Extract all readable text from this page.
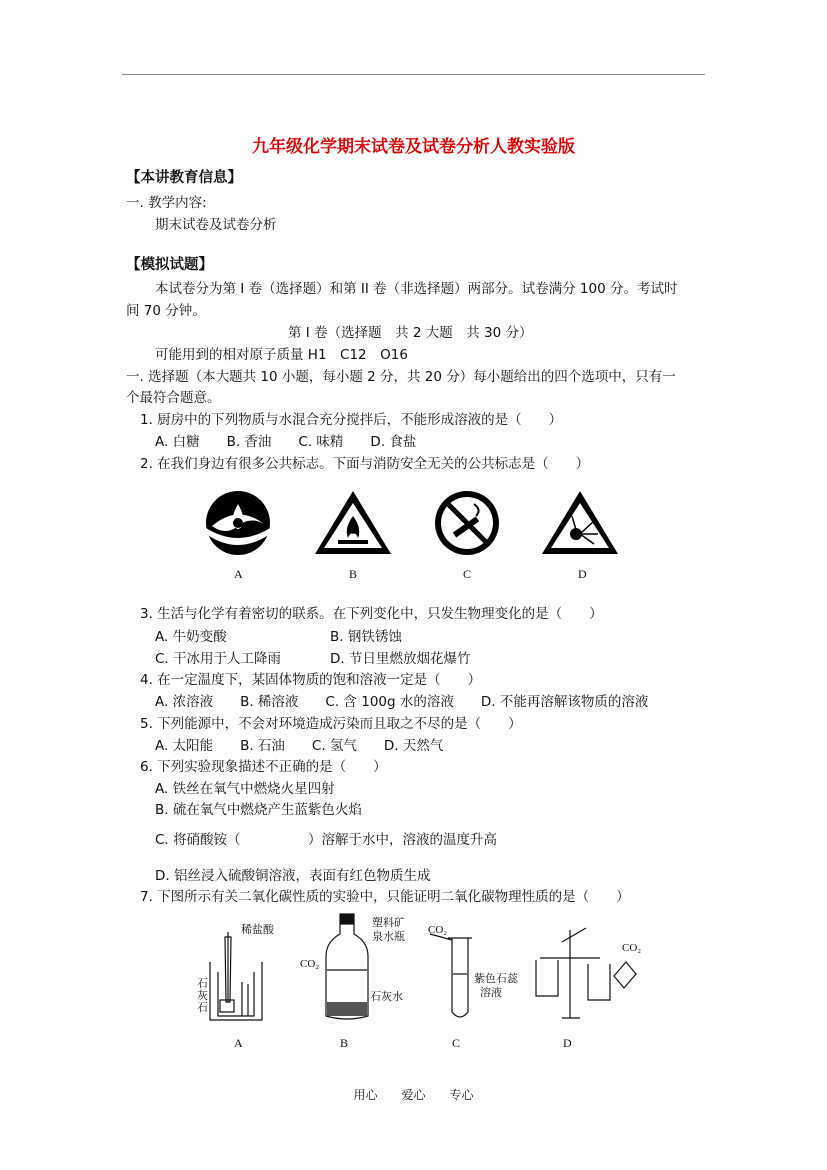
九年级化学期末试卷及试卷分析人教实验版
【本讲教育信息】
一. 教学内容:
期末试卷及试卷分析
【模拟试题】
本试卷分为第 I 卷（选择题）和第 II 卷（非选择题）两部分。试卷满分 100 分。考试时
间 70 分钟。
第 I 卷（选择题　共 2 大题　共 30 分）
可能用到的相对原子质量 H1　C12　O16
一. 选择题（本大题共 10 小题，每小题 2 分，共 20 分）每小题给出的四个选项中，只有一
个最符合题意。
1. 厨房中的下列物质与水混合充分搅拌后，不能形成溶液的是（　　）
A. 白糖　　B. 香油　　C. 味精　　D. 食盐
2. 在我们身边有很多公共标志。下面与消防安全无关的公共标志是（　　）
A	B	C	D
3. 生活与化学有着密切的联系。在下列变化中，只发生物理变化的是（　　）
A. 牛奶变酸	B. 钢铁锈蚀
C. 干冰用于人工降雨	D. 节日里燃放烟花爆竹
4. 在一定温度下，某固体物质的饱和溶液一定是（　　）
A. 浓溶液　　B. 稀溶液　　C. 含 100g 水的溶液　　D. 不能再溶解该物质的溶液
5. 下列能源中，不会对环境造成污染而且取之不尽的是（　　）
A. 太阳能　　B. 石油　　C. 氢气　　D. 天然气
6. 下列实验现象描述不正确的是（　　）
A. 铁丝在氧气中燃烧火星四射
B. 硫在氧气中燃烧产生蓝紫色火焰
C. 将硝酸铵（　　　　　）溶解于水中，溶液的温度升高
D. 铝丝浸入硫酸铜溶液，表面有红色物质生成
7. 下图所示有关二氧化碳性质的实验中，只能证明二氧化碳物理性质的是（　　）
稀盐酸
石
灰
石
塑料矿
泉水瓶
CO₂
石灰水
CO₂
紫色石蕊
溶液
CO₂
A	B	C	D
用心　　爱心　　专心
